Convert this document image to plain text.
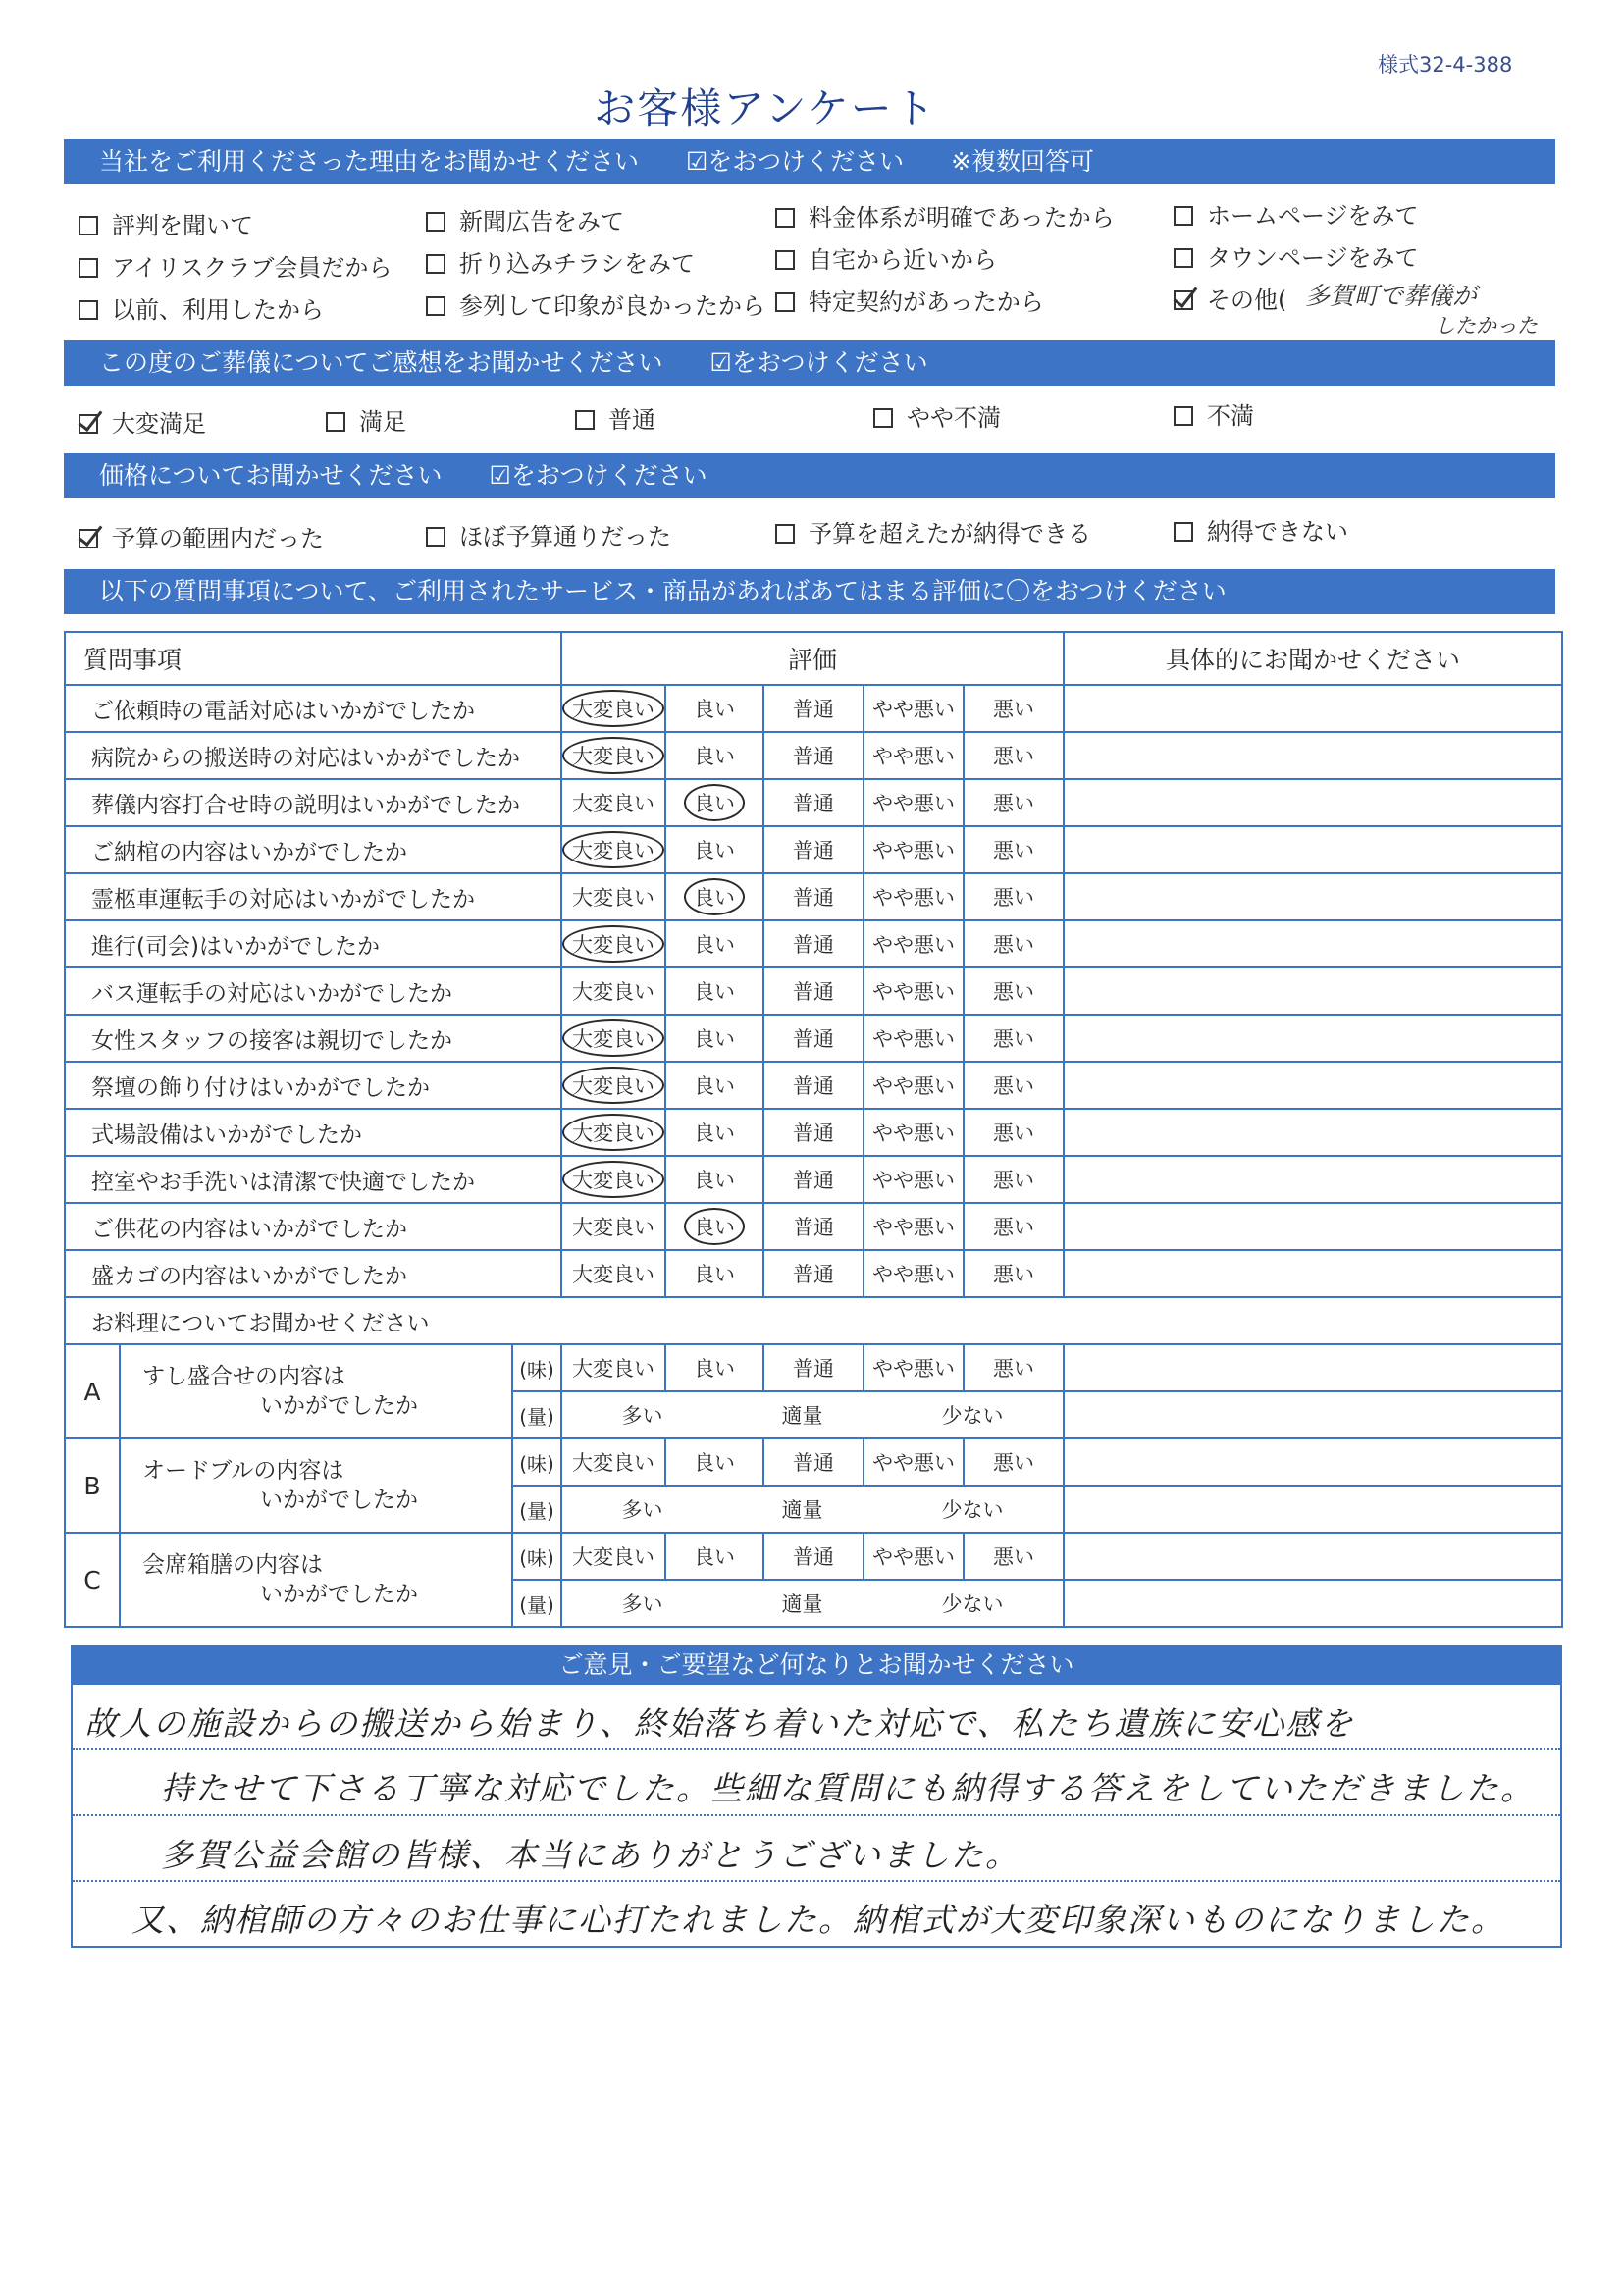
様式32-4-388
お客様アンケート
当社をご利用くださった理由をお聞かせください ☑をおつけください ※複数回答可
評判を聞いて	新聞広告をみて	料金体系が明確であったから	ホームページをみて
アイリスクラブ会員だから	折り込みチラシをみて	自宅から近いから	タウンページをみて
以前、利用したから	参列して印象が良かったから 特定契約があったから	その他( 多賀町で葬儀が
したかった
この度のご葬儀についてご感想をお聞かせください ☑をおつけください
大変満足	満足	普通	やや不満	不満
価格についてお聞かせください ☑をおつけください
予算の範囲内だった	ほぼ予算通りだった	予算を超えたが納得できる	納得できない
以下の質問事項について、ご利用されたサービス・商品があればあてはまる評価に〇をおつけください
質問事項			評価					具体的にお聞かせください
ご依頼時の電話対応はいかがでしたか			大変良い	良い	普通	やや悪い	悪い	
病院からの搬送時の対応はいかがでしたか			大変良い	良い	普通	やや悪い	悪い	
葬儀内容打合せ時の説明はいかがでしたか			大変良い	良い	普通	やや悪い	悪い	
ご納棺の内容はいかがでしたか			大変良い	良い	普通	やや悪い	悪い	
霊柩車運転手の対応はいかがでしたか			大変良い	良い	普通	やや悪い	悪い	
進行(司会)はいかがでしたか			大変良い	良い	普通	やや悪い	悪い	
バス運転手の対応はいかがでしたか			大変良い	良い	普通	やや悪い	悪い	
女性スタッフの接客は親切でしたか			大変良い	良い	普通	やや悪い	悪い	
祭壇の飾り付けはいかがでしたか			大変良い	良い	普通	やや悪い	悪い	
式場設備はいかがでしたか			大変良い	良い	普通	やや悪い	悪い	
控室やお手洗いは清潔で快適でしたか			大変良い	良い	普通	やや悪い	悪い	
ご供花の内容はいかがでしたか			大変良い	良い	普通	やや悪い	悪い	
盛カゴの内容はいかがでしたか			大変良い	良い	普通	やや悪い	悪い	
お料理についてお聞かせください								
A	すし盛合せの内容は
いかがでしたか	(味)	大変良い	良い	普通	やや悪い	悪い	
		(量)	多い 適量 少ない					

B	オードブルの内容は
いかがでしたか	(味)	大変良い	良い	普通	やや悪い	悪い	
		(量)	多い 適量 少ない					

C	会席箱膳の内容は
いかがでしたか	(味)	大変良い	良い	普通	やや悪い	悪い	
		(量)	多い 適量 少ない					

ご意見・ご要望など何なりとお聞かせください
故人の施設からの搬送から始まり、終始落ち着いた対応で、私たち遺族に安心感を
持たせて下さる丁寧な対応でした。些細な質問にも納得する答えをしていただきました。
多賀公益会館の皆様、本当にありがとうございました。
又、納棺師の方々のお仕事に心打たれました。納棺式が大変印象深いものになりました。
